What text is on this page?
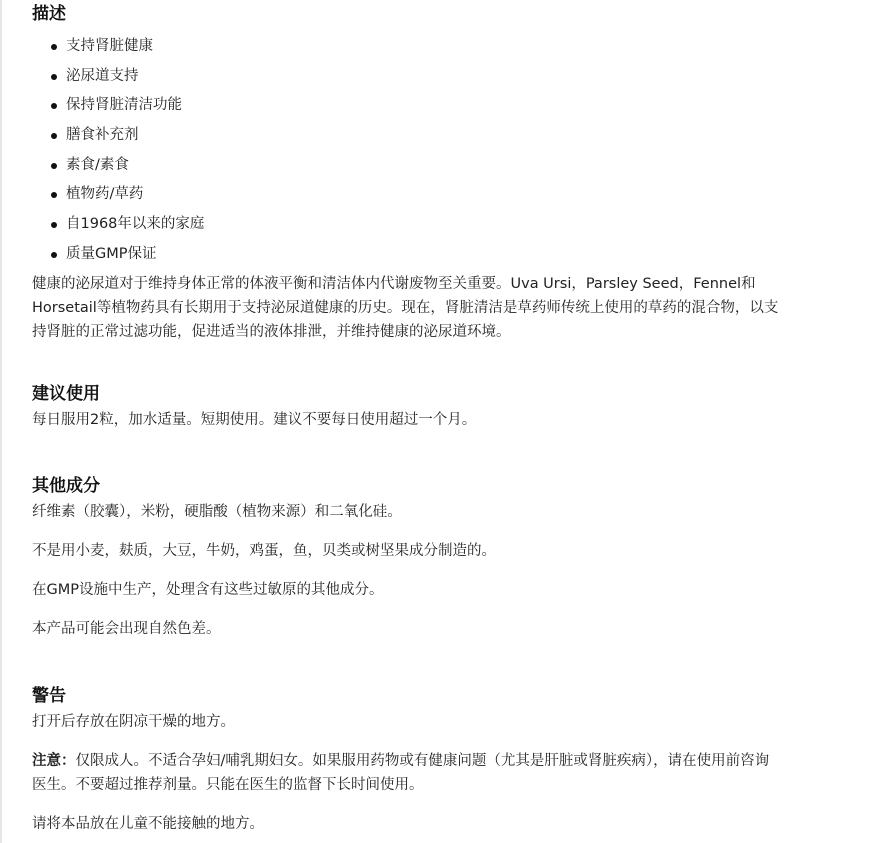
描述
支持肾脏健康
泌尿道支持
保持肾脏清洁功能
膳食补充剂
素食/素食
植物药/草药
自1968年以来的家庭
质量GMP保证

健康的泌尿道对于维持身体正常的体液平衡和清洁体内代谢废物至关重要。Uva Ursi，Parsley Seed，Fennel和

Horsetail等植物药具有长期用于支持泌尿道健康的历史。现在，肾脏清洁是草药师传统上使用的草药的混合物，以支

持肾脏的正常过滤功能，促进适当的液体排泄，并维持健康的泌尿道环境。

建议使用

每日服用2粒，加水适量。短期使用。建议不要每日使用超过一个月。

其他成分

纤维素（胶囊），米粉，硬脂酸（植物来源）和二氧化硅。

不是用小麦，麸质，大豆，牛奶，鸡蛋，鱼，贝类或树坚果成分制造的。

在GMP设施中生产，处理含有这些过敏原的其他成分。

本产品可能会出现自然色差。

警告

打开后存放在阴凉干燥的地方。

注意：仅限成人。不适合孕妇/哺乳期妇女。如果服用药物或有健康问题（尤其是肝脏或肾脏疾病），请在使用前咨询

医生。不要超过推荐剂量。只能在医生的监督下长时间使用。

请将本品放在儿童不能接触的地方。
